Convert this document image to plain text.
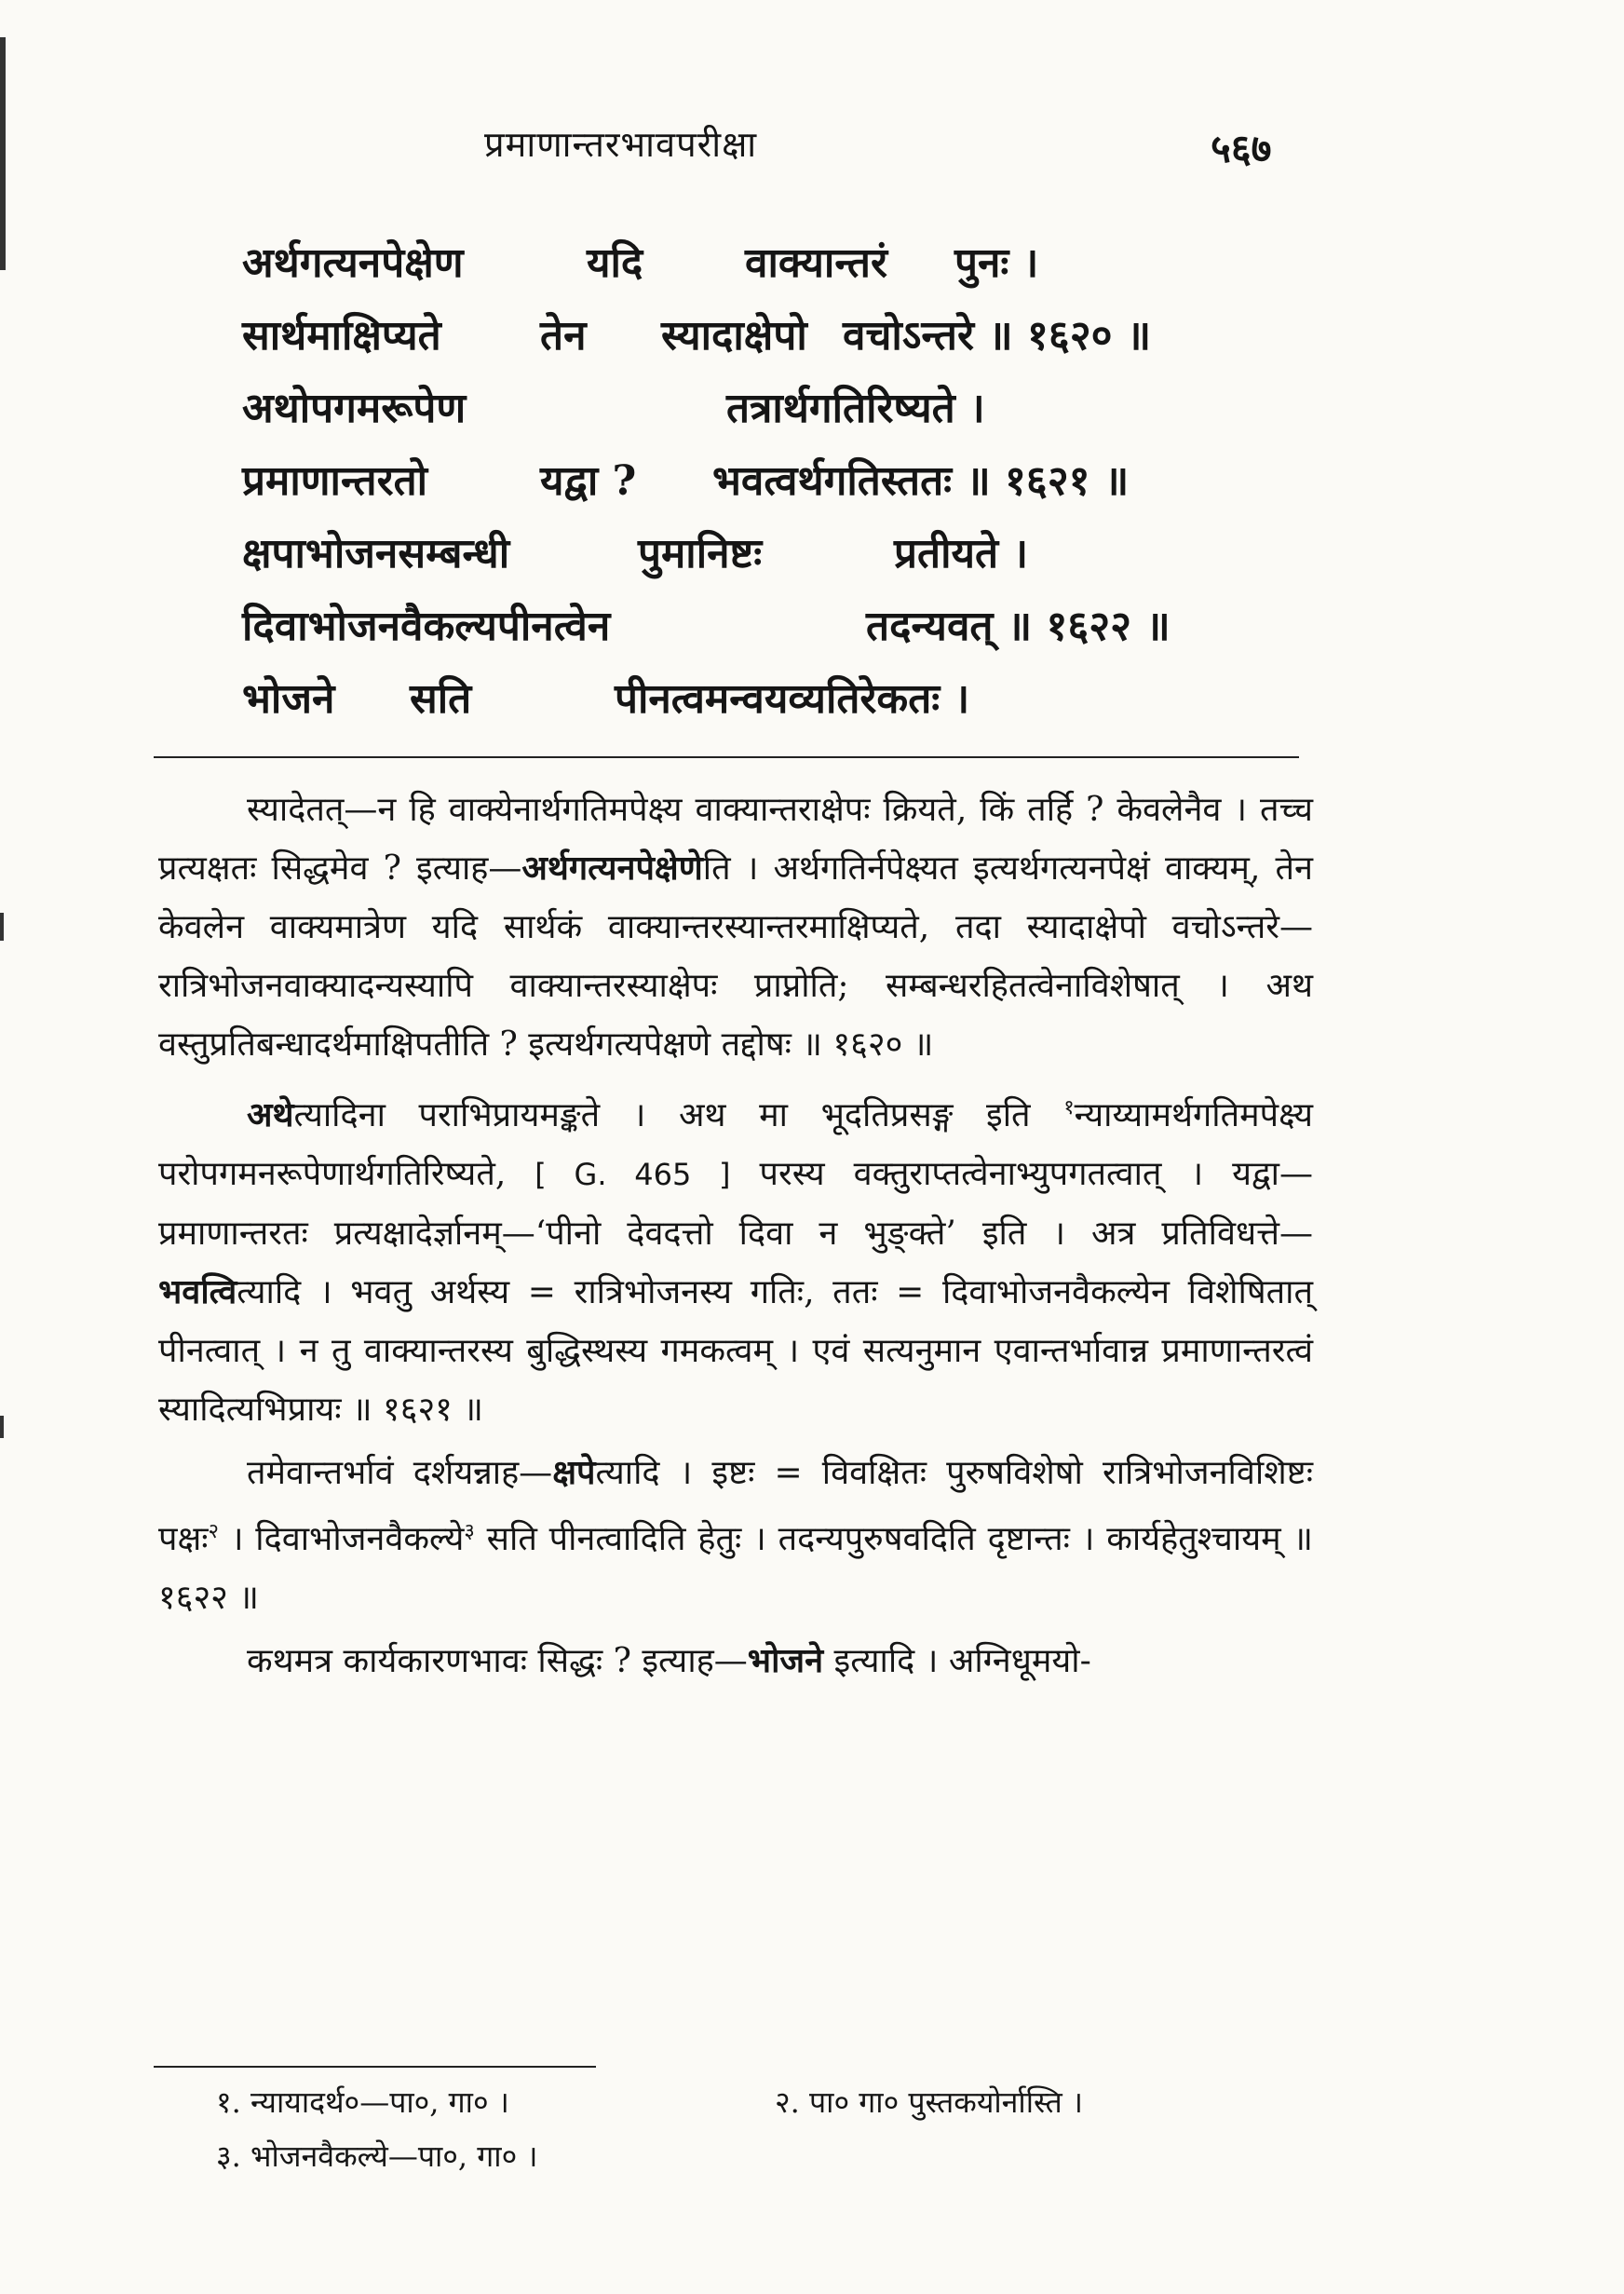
प्रमाणान्तरभावपरीक्षा	५६७
अर्थगत्यनपेक्षेण	यदि वाक्यान्तरं पुनः ।
सार्थमाक्षिप्यते तेन स्यादाक्षेपो वचोऽन्तरे ॥ १६२० ॥
अथोपगमरूपेण	तत्रार्थगतिरिष्यते ।
प्रमाणान्तरतो	यद्वा ? भवत्वर्थगतिस्ततः ॥ १६२१ ॥
क्षपाभोजनसम्बन्धी	पुमानिष्टः	प्रतीयते ।
दिवाभोजनवैकल्यपीनत्वेन	तदन्यवत् ॥ १६२२ ॥
भोजने सति	पीनत्वमन्वयव्यतिरेकतः ।

स्यादेतत्—न हि वाक्येनार्थगतिमपेक्ष्य वाक्यान्तराक्षेपः क्रियते, किं तर्हि ? केवलेनैव । तच्च प्रत्यक्षतः सिद्धमेव ? इत्याह—अर्थगत्यनपेक्षेणेति । अर्थगतिर्नपेक्ष्यत इत्यर्थगत्यनपेक्षं वाक्यम्, तेन केवलेन वाक्यमात्रेण यदि सार्थकं वाक्यान्तरस्यान्तरमाक्षिप्यते, तदा स्यादाक्षेपो वचोऽन्तरे—रात्रिभोजनवाक्यादन्यस्यापि वाक्यान्तरस्याक्षेपः प्राप्नोति; सम्बन्धरहितत्वेनाविशेषात् । अथ वस्तुप्रतिबन्धादर्थमाक्षिपतीति ? इत्यर्थगत्यपेक्षणे तद्दोषः ॥ १६२० ॥

अथेत्यादिना पराभिप्रायमङ्कते । अथ मा भूदतिप्रसङ्ग इति $^१$न्याय्यामर्थगतिमपेक्ष्य परोपगमनरूपेणार्थगतिरिष्यते, [ G. 465 ] परस्य वक्तुराप्तत्वेनाभ्युपगतत्वात् । यद्वा—प्रमाणान्तरतः प्रत्यक्षादेर्ज्ञानम्—‘पीनो देवदत्तो दिवा न भुङ्क्ते’ इति । अत्र प्रतिविधत्ते—भवत्वित्यादि । भवतु अर्थस्य = रात्रिभोजनस्य गतिः, ततः = दिवाभोजनवैकल्येन विशेषितात् पीनत्वात् । न तु वाक्यान्तरस्य बुद्धिस्थस्य गमकत्वम् । एवं सत्यनुमान एवान्तर्भावान्न प्रमाणान्तरत्वं स्यादित्यभिप्रायः ॥ १६२१ ॥

तमेवान्तर्भावं दर्शयन्नाह—क्षपेत्यादि । इष्टः = विवक्षितः पुरुषविशेषो रात्रिभोजनविशिष्टः पक्षः$^२$ । दिवाभोजनवैकल्ये$^३$ सति पीनत्वादिति हेतुः । तदन्यपुरुषवदिति दृष्टान्तः । कार्यहेतुश्चायम् ॥ १६२२ ॥

कथमत्र कार्यकारणभावः सिद्धः ? इत्याह—भोजने इत्यादि । अग्निधूमयो-

१. न्यायादर्थ०—पा०, गा० ।	२. पा० गा० पुस्तकयोर्नास्ति ।
३. भोजनवैकल्ये—पा०, गा० ।
